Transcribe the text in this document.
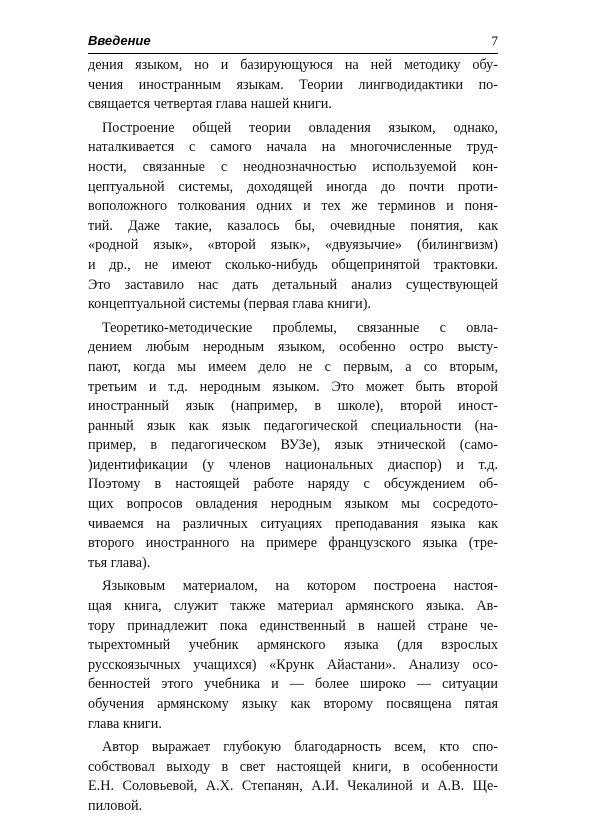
Введение	7
дения языком, но и базирующуюся на ней методику обу-
чения иностранным языкам. Теории лингводидактики по-
свящается четвертая глава нашей книги.
Построение общей теории овладения языком, однако,
наталкивается с самого начала на многочисленные труд-
ности, связанные с неоднозначностью используемой кон-
цептуальной системы, доходящей иногда до почти проти-
воположного толкования одних и тех же терминов и поня-
тий. Даже такие, казалось бы, очевидные понятия, как
«родной язык», «второй язык», «двуязычие» (билингвизм)
и др., не имеют сколько-нибудь общепринятой трактовки.
Это заставило нас дать детальный анализ существующей
концептуальной системы (первая глава книги).
Теоретико-методические проблемы, связанные с овла-
дением любым неродным языком, особенно остро высту-
пают, когда мы имеем дело не с первым, а со вторым,
третьим и т.д. неродным языком. Это может быть второй
иностранный язык (например, в школе), второй иност-
ранный язык как язык педагогической специальности (на-
пример, в педагогическом ВУЗе), язык этнической (само-
)идентификации (у членов национальных диаспор) и т.д.
Поэтому в настоящей работе наряду с обсуждением об-
щих вопросов овладения неродным языком мы сосредото-
чиваемся на различных ситуациях преподавания языка как
второго иностранного на примере французского языка (тре-
тья глава).
Языковым материалом, на котором построена настоя-
щая книга, служит также материал армянского языка. Ав-
тору принадлежит пока единственный в нашей стране че-
тырехтомный учебник армянского языка (для взрослых
русскоязычных учащихся) «Крунк Айастани». Анализу осо-
бенностей этого учебника и — более широко — ситуации
обучения армянскому языку как второму посвящена пятая
глава книги.
Автор выражает глубокую благодарность всем, кто спо-
собствовал выходу в свет настоящей книги, в особенности
Е.Н. Соловьевой, А.Х. Степанян, А.И. Чекалиной и А.В. Ще-
пиловой.
